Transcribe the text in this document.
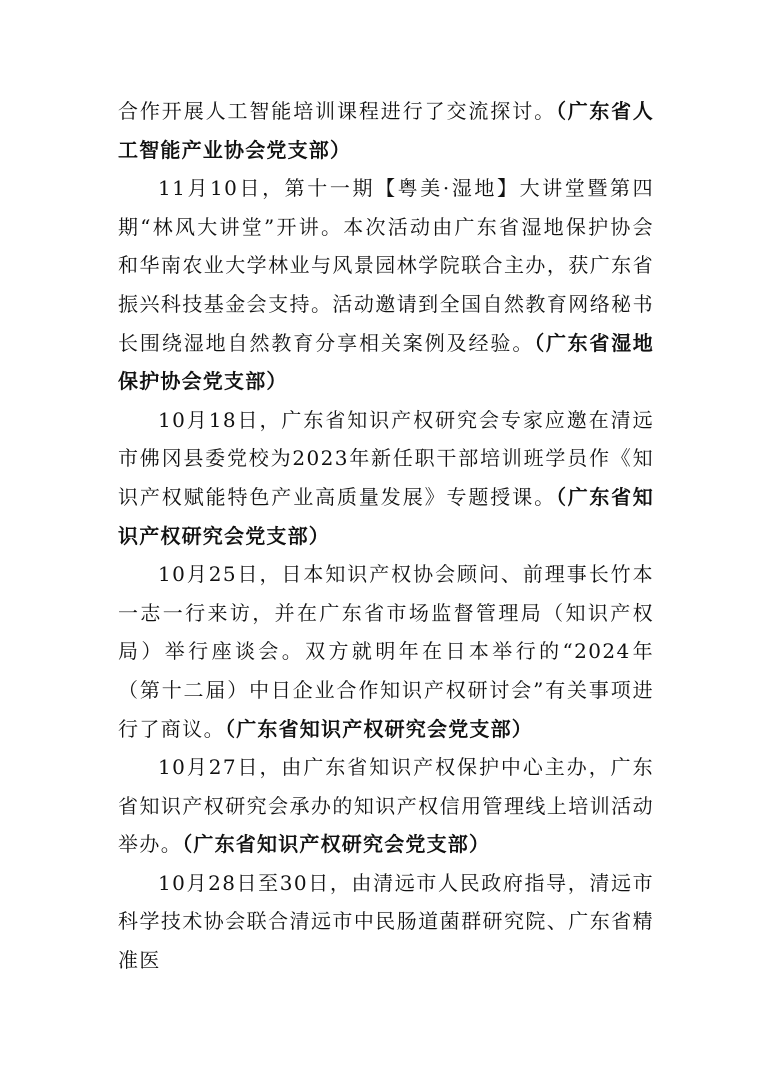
合作开展人工智能培训课程进行了交流探讨。（广东省人工智能产业协会党支部）

11月10日，第十一期【粤美·湿地】大讲堂暨第四期“林风大讲堂”开讲。本次活动由广东省湿地保护协会和华南农业大学林业与风景园林学院联合主办，获广东省振兴科技基金会支持。活动邀请到全国自然教育网络秘书长围绕湿地自然教育分享相关案例及经验。（广东省湿地保护协会党支部）

10月18日，广东省知识产权研究会专家应邀在清远市佛冈县委党校为2023年新任职干部培训班学员作《知识产权赋能特色产业高质量发展》专题授课。（广东省知识产权研究会党支部）

10月25日，日本知识产权协会顾问、前理事长竹本一志一行来访，并在广东省市场监督管理局（知识产权局）举行座谈会。双方就明年在日本举行的“2024年（第十二届）中日企业合作知识产权研讨会”有关事项进行了商议。（广东省知识产权研究会党支部）

10月27日，由广东省知识产权保护中心主办，广东省知识产权研究会承办的知识产权信用管理线上培训活动举办。（广东省知识产权研究会党支部）

10月28日至30日，由清远市人民政府指导，清远市科学技术协会联合清远市中民肠道菌群研究院、广东省精准医
